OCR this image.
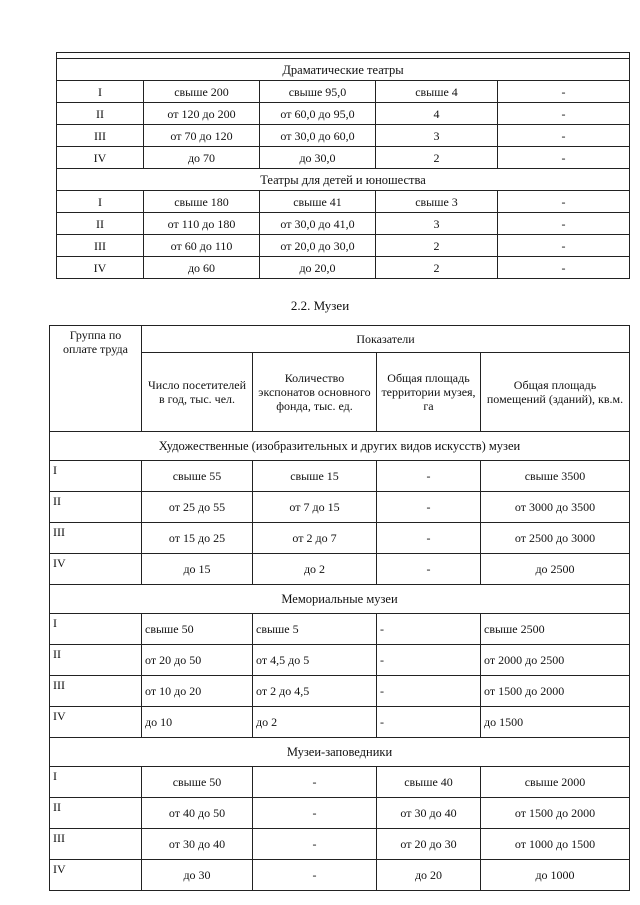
Драматические театры				
I	свыше 200	свыше 95,0	свыше 4	-
II	от 120 до 200	от 60,0 до 95,0	4	-
III	от 70 до 120	от 30,0 до 60,0	3	-
IV	до 70	до 30,0	2	-
Театры для детей и юношества				
I	свыше 180	свыше 41	свыше 3	-
II	от 110 до 180	от 30,0 до 41,0	3	-
III	от 60 до 110	от 20,0 до 30,0	2	-
IV	до 60	до 20,0	2	-
2.2. Музеи
Группа по оплате труда	Показатели			
	Число посетителей в год, тыс. чел.	Количество экспонатов основного фонда, тыс. ед.	Общая площадь территории музея, га	Общая площадь помещений (зданий), кв.м.
Художественные (изобразительных и других видов искусств) музеи				
I	свыше 55	свыше 15	-	свыше 3500
II	от 25 до 55	от 7 до 15	-	от 3000 до 3500
III	от 15 до 25	от 2 до 7	-	от 2500 до 3000
IV	до 15	до 2	-	до 2500
Мемориальные музеи				
I	свыше 50	свыше 5	-	свыше 2500
II	от 20 до 50	от 4,5 до 5	-	от 2000 до 2500
III	от 10 до 20	от 2 до 4,5	-	от 1500 до 2000
IV	до 10	до 2	-	до 1500
Музеи-заповедники				
I	свыше 50	-	свыше 40	свыше 2000
II	от 40 до 50	-	от 30 до 40	от 1500 до 2000
III	от 30 до 40	-	от 20 до 30	от 1000 до 1500
IV	до 30	-	до 20	до 1000
